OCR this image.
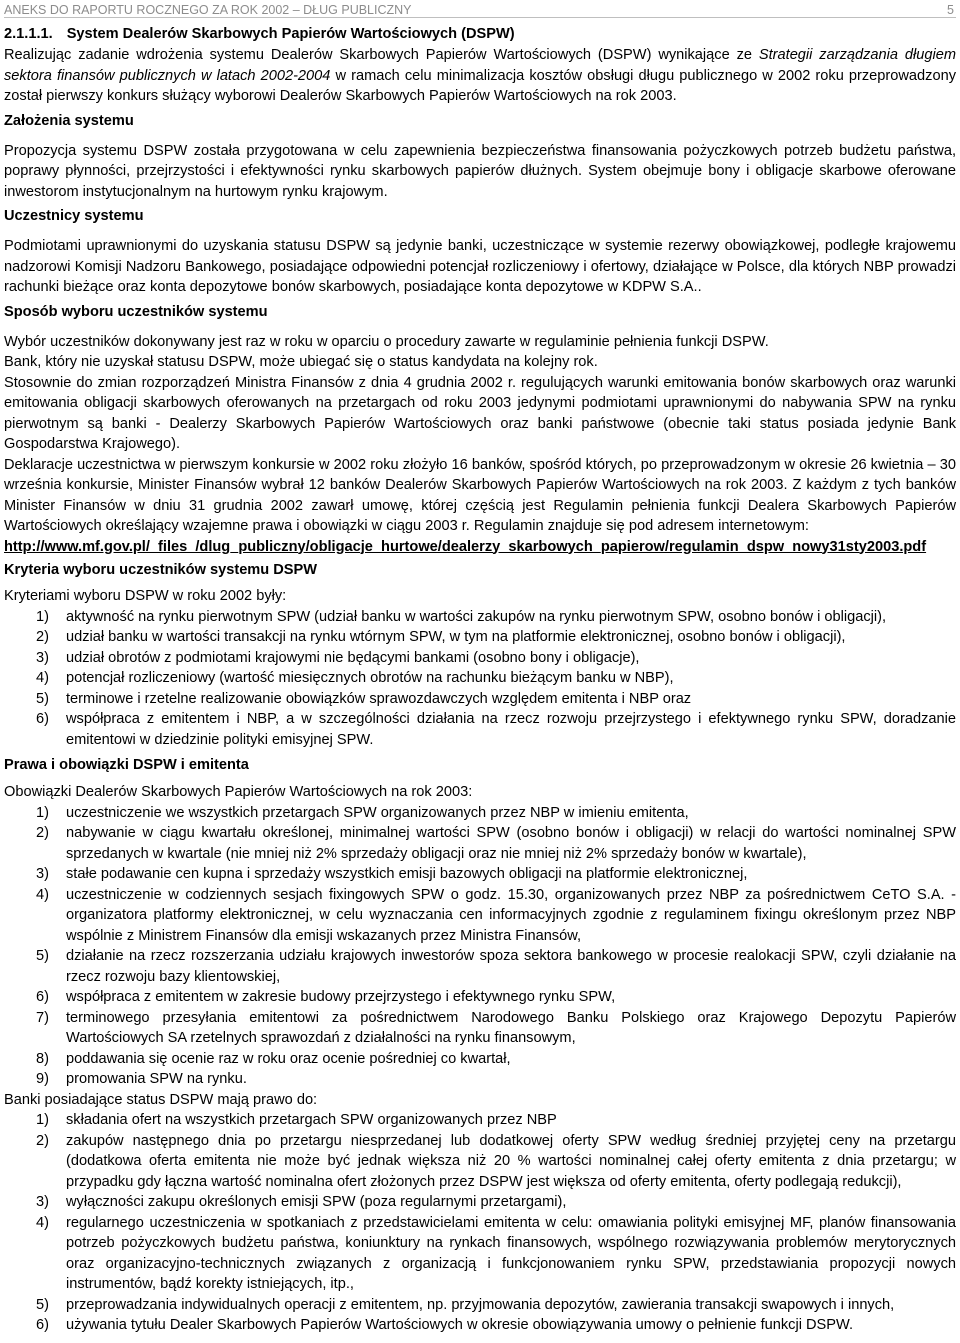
ANEKS DO RAPORTU ROCZNEGO ZA ROK 2002 – DŁUG PUBLICZNY	5
2.1.1.1. System Dealerów Skarbowych Papierów Wartościowych (DSPW)

Realizując zadanie wdrożenia systemu Dealerów Skarbowych Papierów Wartościowych (DSPW) wynikające ze Strategii zarządzania długiem sektora finansów publicznych w latach 2002-2004 w ramach celu minimalizacja kosztów obsługi długu publicznego w 2002 roku przeprowadzony został pierwszy konkurs służący wyborowi Dealerów Skarbowych Papierów Wartościowych na rok 2003.

Założenia systemu

Propozycja systemu DSPW została przygotowana w celu zapewnienia bezpieczeństwa finansowania pożyczkowych potrzeb budżetu państwa, poprawy płynności, przejrzystości i efektywności rynku skarbowych papierów dłużnych. System obejmuje bony i obligacje skarbowe oferowane inwestorom instytucjonalnym na hurtowym rynku krajowym.

Uczestnicy systemu

Podmiotami uprawnionymi do uzyskania statusu DSPW są jedynie banki, uczestniczące w systemie rezerwy obowiązkowej, podległe krajowemu nadzorowi Komisji Nadzoru Bankowego, posiadające odpowiedni potencjał rozliczeniowy i ofertowy, działające w Polsce, dla których NBP prowadzi rachunki bieżące oraz konta depozytowe bonów skarbowych, posiadające konta depozytowe w KDPW S.A..

Sposób wyboru uczestników systemu

Wybór uczestników dokonywany jest raz w roku w oparciu o procedury zawarte w regulaminie pełnienia funkcji DSPW.

Bank, który nie uzyskał statusu DSPW, może ubiegać się o status kandydata na kolejny rok.

Stosownie do zmian rozporządzeń Ministra Finansów z dnia 4 grudnia 2002 r. regulujących warunki emitowania bonów skarbowych oraz warunki emitowania obligacji skarbowych oferowanych na przetargach od roku 2003 jedynymi podmiotami uprawnionymi do nabywania SPW na rynku pierwotnym są banki - Dealerzy Skarbowych Papierów Wartościowych oraz banki państwowe (obecnie taki status posiada jedynie Bank Gospodarstwa Krajowego).

Deklaracje uczestnictwa w pierwszym konkursie w 2002 roku złożyło 16 banków, spośród których, po przeprowadzonym w okresie 26 kwietnia – 30 września konkursie, Minister Finansów wybrał 12 banków Dealerów Skarbowych Papierów Wartościowych na rok 2003. Z każdym z tych banków Minister Finansów w dniu 31 grudnia 2002 zawarł umowę, której częścią jest Regulamin pełnienia funkcji Dealera Skarbowych Papierów Wartościowych określający wzajemne prawa i obowiązki w ciągu 2003 r. Regulamin znajduje się pod adresem internetowym:

http://www.mf.gov.pl/_files_/dlug_publiczny/obligacje_hurtowe/dealerzy_skarbowych_papierow/regulamin_dspw_nowy31sty2003.pdf
Kryteria wyboru uczestników systemu DSPW

Kryteriami wyboru DSPW w roku 2002 były:

1) aktywność na rynku pierwotnym SPW (udział banku w wartości zakupów na rynku pierwotnym SPW, osobno bonów i obligacji),
2) udział banku w wartości transakcji na rynku wtórnym SPW, w tym na platformie elektronicznej, osobno bonów i obligacji),
3) udział obrotów z podmiotami krajowymi nie będącymi bankami (osobno bony i obligacje),
4) potencjał rozliczeniowy (wartość miesięcznych obrotów na rachunku bieżącym banku w NBP),
5) terminowe i rzetelne realizowanie obowiązków sprawozdawczych względem emitenta i NBP oraz
6) współpraca z emitentem i NBP, a w szczególności działania na rzecz rozwoju przejrzystego i efektywnego rynku SPW, doradzanie emitentowi w dziedzinie polityki emisyjnej SPW.
Prawa i obowiązki DSPW i emitenta

Obowiązki Dealerów Skarbowych Papierów Wartościowych na rok 2003:

1) uczestniczenie we wszystkich przetargach SPW organizowanych przez NBP w imieniu emitenta,
2) nabywanie w ciągu kwartału określonej, minimalnej wartości SPW (osobno bonów i obligacji) w relacji do wartości nominalnej SPW sprzedanych w kwartale (nie mniej niż 2% sprzedaży obligacji oraz nie mniej niż 2% sprzedaży bonów w kwartale),
3) stałe podawanie cen kupna i sprzedaży wszystkich emisji bazowych obligacji na platformie elektronicznej,
4) uczestniczenie w codziennych sesjach fixingowych SPW o godz. 15.30, organizowanych przez NBP za pośrednictwem CeTO S.A. - organizatora platformy elektronicznej, w celu wyznaczania cen informacyjnych zgodnie z regulaminem fixingu określonym przez NBP wspólnie z Ministrem Finansów dla emisji wskazanych przez Ministra Finansów,
5) działanie na rzecz rozszerzania udziału krajowych inwestorów spoza sektora bankowego w procesie realokacji SPW, czyli działanie na rzecz rozwoju bazy klientowskiej,
6) współpraca z emitentem w zakresie budowy przejrzystego i efektywnego rynku SPW,
7) terminowego przesyłania emitentowi za pośrednictwem Narodowego Banku Polskiego oraz Krajowego Depozytu Papierów Wartościowych SA rzetelnych sprawozdań z działalności na rynku finansowym,
8) poddawania się ocenie raz w roku oraz ocenie pośredniej co kwartał,
9) promowania SPW na rynku.

Banki posiadające status DSPW mają prawo do:

1) składania ofert na wszystkich przetargach SPW organizowanych przez NBP
2) zakupów następnego dnia po przetargu niesprzedanej lub dodatkowej oferty SPW według średniej przyjętej ceny na przetargu (dodatkowa oferta emitenta nie może być jednak większa niż 20 % wartości nominalnej całej oferty emitenta z dnia przetargu; w przypadku gdy łączna wartość nominalna ofert złożonych przez DSPW jest większa od oferty emitenta, oferty podlegają redukcji),
3) wyłączności zakupu określonych emisji SPW (poza regularnymi przetargami),
4) regularnego uczestniczenia w spotkaniach z przedstawicielami emitenta w celu: omawiania polityki emisyjnej MF, planów finansowania potrzeb pożyczkowych budżetu państwa, koniunktury na rynkach finansowych, wspólnego rozwiązywania problemów merytorycznych oraz organizacyjno-technicznych związanych z organizacją i funkcjonowaniem rynku SPW, przedstawiania propozycji nowych instrumentów, bądź korekty istniejących, itp.,
5) przeprowadzania indywidualnych operacji z emitentem, np. przyjmowania depozytów, zawierania transakcji swapowych i innych,
6) używania tytułu Dealer Skarbowych Papierów Wartościowych w okresie obowiązywania umowy o pełnienie funkcji DSPW.
